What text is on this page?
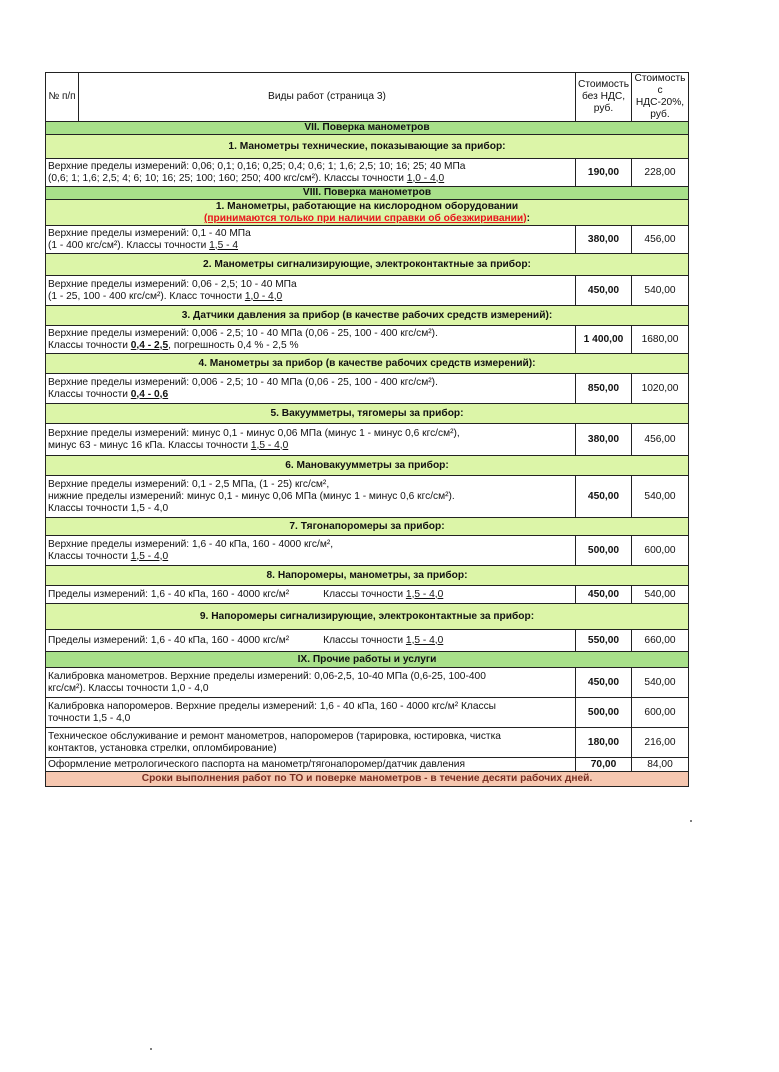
№ п/п	Виды работ (страница 3)	Стоимость без НДС, руб.	Стоимость с НДС-20%, руб.
VII. Поверка манометров			
1. Манометры технические, показывающие за прибор:			
Верхние пределы измерений: 0,06; 0,1; 0,16; 0,25; 0,4; 0,6; 1; 1,6; 2,5; 10; 16; 25; 40 МПа
(0,6; 1; 1,6; 2,5; 4; 6; 10; 16; 25; 100; 160; 250; 400 кгс/см²). Классы точности 1,0 - 4,0		190,00	228,00
VIII. Поверка манометров			
1. Манометры, работающие на кислородном оборудовании
(принимаются только при наличии справки об обезжиривании):			
Верхние пределы измерений: 0,1 - 40 МПа
(1 - 400 кгс/см²). Классы точности 1,5 - 4		380,00	456,00
2. Манометры сигнализирующие, электроконтактные за прибор:			
Верхние пределы измерений: 0,06 - 2,5; 10 - 40 МПа
(1 - 25, 100 - 400 кгс/см²). Класс точности 1,0 - 4,0		450,00	540,00
3. Датчики давления за прибор (в качестве рабочих средств измерений):			
Верхние пределы измерений: 0,006 - 2,5; 10 - 40 МПа (0,06 - 25, 100 - 400 кгс/см²).
Классы точности 0,4 - 2,5, погрешность 0,4 % - 2,5 %		1 400,00	1680,00
4. Манометры за прибор (в качестве рабочих средств измерений):			
Верхние пределы измерений: 0,006 - 2,5; 10 - 40 МПа (0,06 - 25, 100 - 400 кгс/см²).
Классы точности 0,4 - 0,6		850,00	1020,00
5. Вакуумметры, тягомеры за прибор:			
Верхние пределы измерений: минус 0,1 - минус 0,06 МПа (минус 1 - минус 0,6 кгс/см²),
минус 63 - минус 16 кПа. Классы точности 1,5 - 4,0		380,00	456,00
6. Мановакуумметры за прибор:			
Верхние пределы измерений: 0,1 - 2,5 МПа, (1 - 25) кгс/см²,
нижние пределы измерений: минус 0,1 - минус 0,06 МПа (минус 1 - минус 0,6 кгс/см²).
Классы точности 1,5 - 4,0		450,00	540,00
7. Тягонапоромеры за прибор:			
Верхние пределы измерений: 1,6 - 40 кПа, 160 - 4000 кгс/м²,
Классы точности 1,5 - 4,0		500,00	600,00
8. Напоромеры, манометры, за прибор:			
Пределы измерений: 1,6 - 40 кПа, 160 - 4000 кгс/м² Классы точности 1,5 - 4,0		450,00	540,00
9. Напоромеры сигнализирующие, электроконтактные за прибор:			
Пределы измерений: 1,6 - 40 кПа, 160 - 4000 кгс/м² Классы точности 1,5 - 4,0		550,00	660,00
IX. Прочие работы и услуги			
Калибровка манометров. Верхние пределы измерений: 0,06-2,5, 10-40 МПа (0,6-25, 100-400
кгс/см²). Классы точности 1,0 - 4,0		450,00	540,00
Калибровка напоромеров. Верхние пределы измерений: 1,6 - 40 кПа, 160 - 4000 кгс/м² Классы
точности 1,5 - 4,0		500,00	600,00
Техническое обслуживание и ремонт манометров, напоромеров (тарировка, юстировка, чистка
контактов, установка стрелки, опломбирование)		180,00	216,00
Оформление метрологического паспорта на манометр/тягонапоромер/датчик давления		70,00	84,00
Сроки выполнения работ по ТО и поверке манометров - в течение десяти рабочих дней.			
